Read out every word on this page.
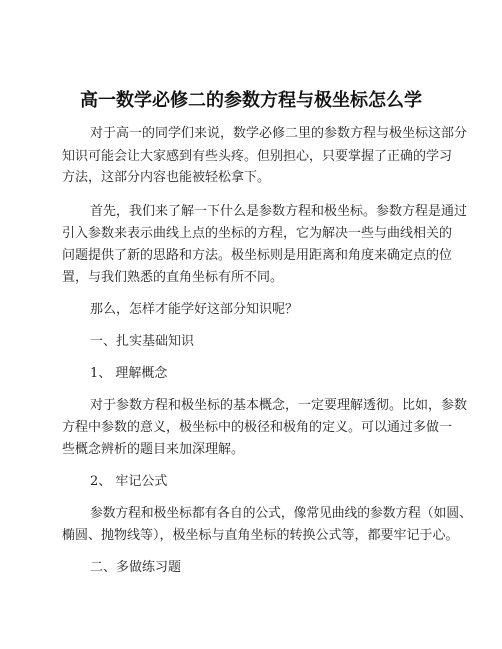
高一数学必修二的参数方程与极坐标怎么学
对于高一的同学们来说，数学必修二里的参数方程与极坐标这部分
知识可能会让大家感到有些头疼。但别担心，只要掌握了正确的学习
方法，这部分内容也能被轻松拿下。
首先，我们来了解一下什么是参数方程和极坐标。参数方程是通过
引入参数来表示曲线上点的坐标的方程，它为解决一些与曲线相关的
问题提供了新的思路和方法。极坐标则是用距离和角度来确定点的位
置，与我们熟悉的直角坐标有所不同。
那么，怎样才能学好这部分知识呢？
一、扎实基础知识
1、 理解概念
对于参数方程和极坐标的基本概念，一定要理解透彻。比如，参数
方程中参数的意义，极坐标中的极径和极角的定义。可以通过多做一
些概念辨析的题目来加深理解。
2、 牢记公式
参数方程和极坐标都有各自的公式，像常见曲线的参数方程（如圆、
椭圆、抛物线等），极坐标与直角坐标的转换公式等，都要牢记于心。
二、多做练习题
